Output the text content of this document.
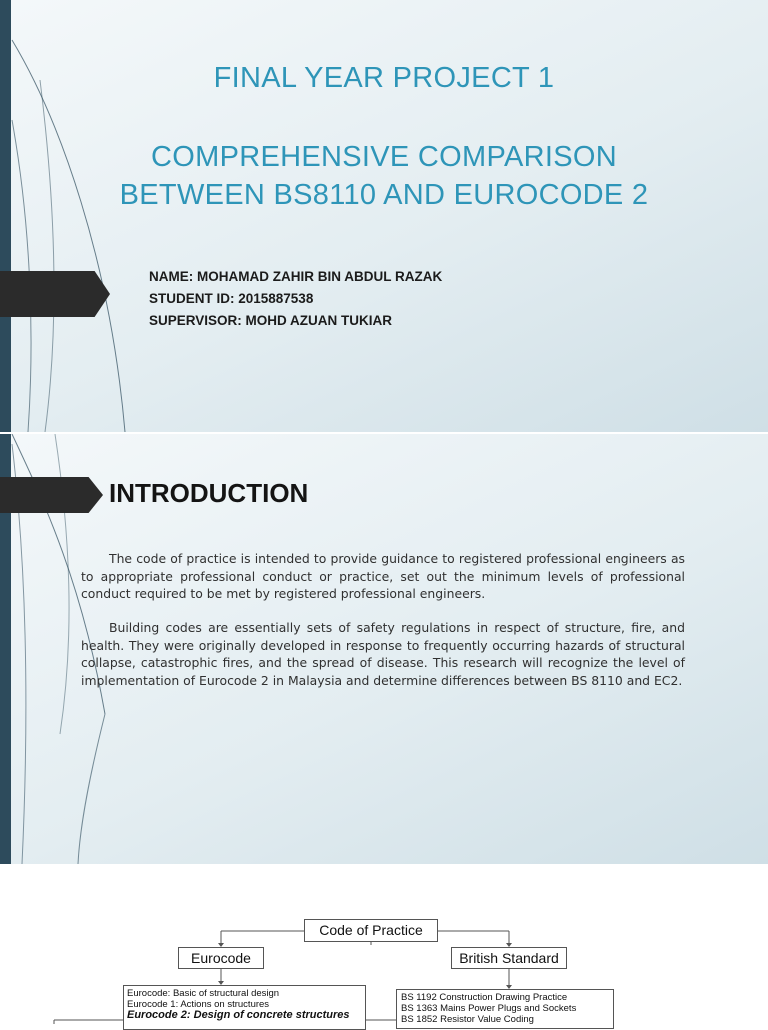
FINAL YEAR PROJECT 1
COMPREHENSIVE COMPARISON
BETWEEN BS8110 AND EUROCODE 2
NAME: MOHAMAD ZAHIR BIN ABDUL RAZAK
STUDENT ID: 2015887538
SUPERVISOR: MOHD AZUAN TUKIAR
INTRODUCTION

The code of practice is intended to provide guidance to registered professional engineers as to appropriate professional conduct or practice, set out the minimum levels of professional conduct required to be met by registered professional engineers.

Building codes are essentially sets of safety regulations in respect of structure, fire, and health. They were originally developed in response to frequently occurring hazards of structural collapse, catastrophic fires, and the spread of disease. This research will recognize the level of implementation of Eurocode 2 in Malaysia and determine differences between BS 8110 and EC2.

Code of Practice
Eurocode	British Standard
Eurocode: Basic of structural design
Eurocode 1: Actions on structures
Eurocode 2: Design of concrete structures
BS 1192 Construction Drawing Practice
BS 1363 Mains Power Plugs and Sockets
BS 1852 Resistor Value Coding
